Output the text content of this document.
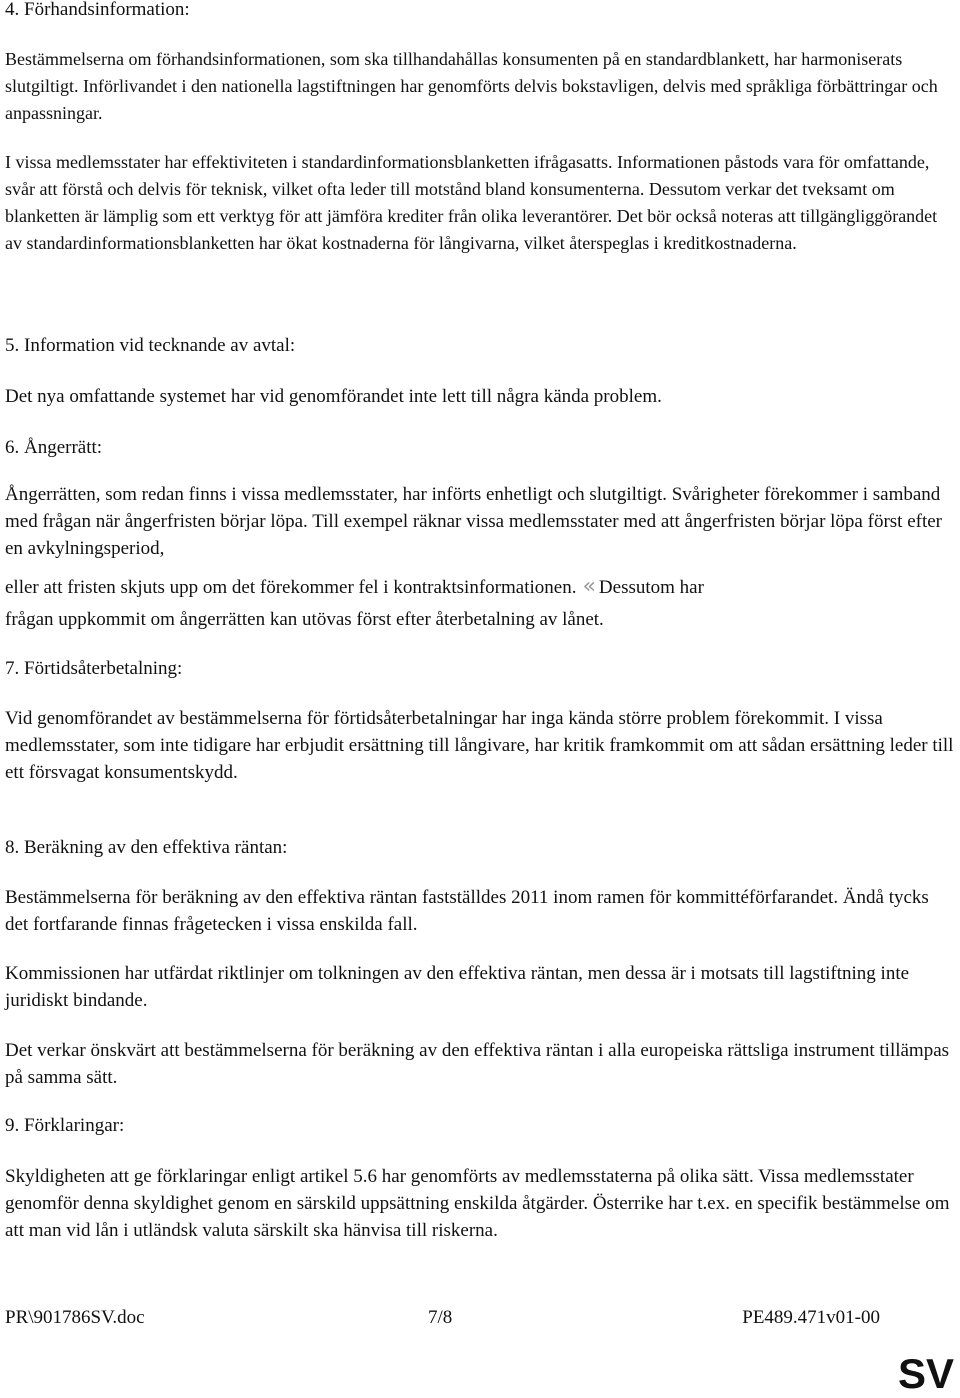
4. Förhandsinformation:
Bestämmelserna om förhandsinformationen, som ska tillhandahållas konsumenten på en standardblankett, har harmoniserats slutgiltigt. Införlivandet i den nationella lagstiftningen har genomförts delvis bokstavligen, delvis med språkliga förbättringar och anpassningar.
I vissa medlemsstater har effektiviteten i standardinformationsblanketten ifrågasatts. Informationen påstods vara för omfattande, svår att förstå och delvis för teknisk, vilket ofta leder till motstånd bland konsumenterna. Dessutom verkar det tveksamt om blanketten är lämplig som ett verktyg för att jämföra krediter från olika leverantörer. Det bör också noteras att tillgängliggörandet av standardinformationsblanketten har ökat kostnaderna för långivarna, vilket återspeglas i kreditkostnaderna.
5. Information vid tecknande av avtal:
Det nya omfattande systemet har vid genomförandet inte lett till några kända problem.
6. Ångerrätt:
Ångerrätten, som redan finns i vissa medlemsstater, har införts enhetligt och slutgiltigt. Svårigheter förekommer i samband med frågan när ångerfristen börjar löpa. Till exempel räknar vissa medlemsstater med att ångerfristen börjar löpa först efter en avkylningsperiod,
eller att fristen skjuts upp om det förekommer fel i kontraktsinformationen. « Dessutom har
frågan uppkommit om ångerrätten kan utövas först efter återbetalning av lånet.
7. Förtidsåterbetalning:
Vid genomförandet av bestämmelserna för förtidsåterbetalningar har inga kända större problem förekommit. I vissa medlemsstater, som inte tidigare har erbjudit ersättning till långivare, har kritik framkommit om att sådan ersättning leder till ett försvagat konsumentskydd.
8. Beräkning av den effektiva räntan:
Bestämmelserna för beräkning av den effektiva räntan fastställdes 2011 inom ramen för kommittéförfarandet. Ändå tycks det fortfarande finnas frågetecken i vissa enskilda fall.
Kommissionen har utfärdat riktlinjer om tolkningen av den effektiva räntan, men dessa är i motsats till lagstiftning inte juridiskt bindande.
Det verkar önskvärt att bestämmelserna för beräkning av den effektiva räntan i alla europeiska rättsliga instrument tillämpas på samma sätt.
9. Förklaringar:
Skyldigheten att ge förklaringar enligt artikel 5.6 har genomförts av medlemsstaterna på olika sätt. Vissa medlemsstater genomför denna skyldighet genom en särskild uppsättning enskilda åtgärder. Österrike har t.ex. en specifik bestämmelse om att man vid lån i utländsk valuta särskilt ska hänvisa till riskerna.
PR\901786SV.doc	7/8	PE489.471v01-00
SV
